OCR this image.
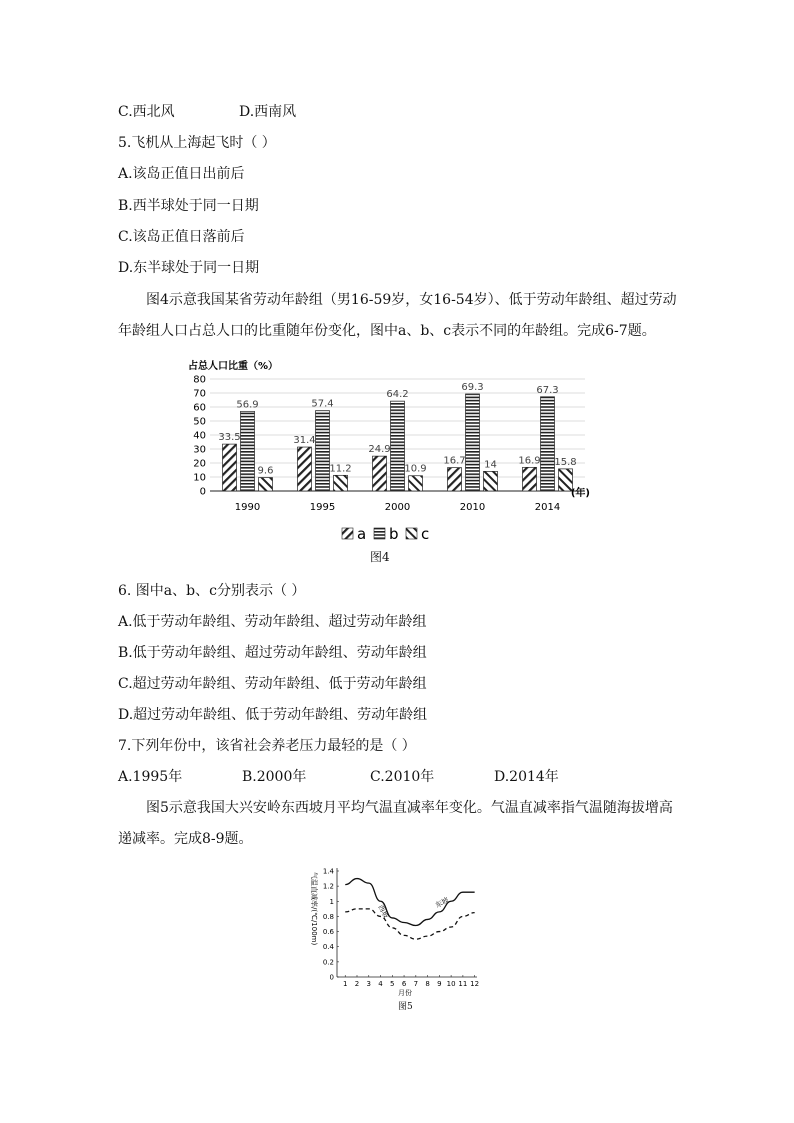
C.西北风	D.西南风
5.飞机从上海起飞时（ ）
A.该岛正值日出前后
B.西半球处于同一日期
C.该岛正值日落前后
D.东半球处于同一日期
图4示意我国某省劳动年龄组（男16-59岁，女16-54岁）、低于劳动年龄组、超过劳动年龄组人口占总人口的比重随年份变化，图中a、b、c表示不同的年龄组。完成6-7题。
占总人口比重（%）
33.5
56.9
9.6
31.4
57.4
11.2
24.9
64.2
10.9
16.7
69.3
14 16.9
67.3
15.8
0
10
20
30
40
50
60
70
80
1990	1995	2000	2010	2014
(年)
a b c
图4
6. 图中a、b、c分别表示（ ）
A.低于劳动年龄组、劳动年龄组、超过劳动年龄组
B.低于劳动年龄组、超过劳动年龄组、劳动年龄组
C.超过劳动年龄组、劳动年龄组、低于劳动年龄组
D.超过劳动年龄组、低于劳动年龄组、劳动年龄组
7.下列年份中，该省社会养老压力最轻的是（ ）
A.1995年	B.2000年	C.2010年	D.2014年
图5示意我国大兴安岭东西坡月平均气温直减率年变化。气温直减率指气温随海拔增高递减率。完成8-9题。
气温直减率/(℃/100m)
0
0.2
0.4
0.6
0.8
1
1.2
1.4
1 2 3 4 5 6 7 8 9 10 11 12
东坡
西坡
月份
图5
